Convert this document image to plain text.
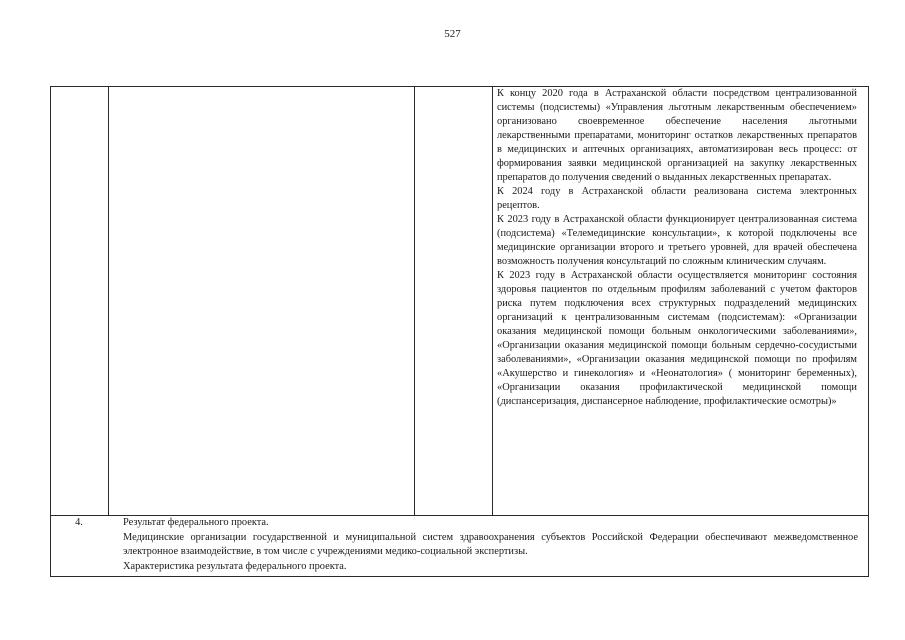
527

К концу 2020 года в Астраханской области посредством централизованной системы (подсистемы) «Управления льготным лекарственным обеспечением» организовано своевременное обеспечение населения льготными лекарственными препаратами, мониторинг остатков лекарственных препаратов в медицинских и аптечных организациях, автоматизирован весь процесс: от формирования заявки медицинской организацией на закупку лекарственных препаратов до получения сведений о выданных лекарственных препаратах.

К 2024 году в Астраханской области реализована система электронных рецептов.

К 2023 году в Астраханской области функционирует централизованная система (подсистема) «Телемедицинские консультации», к которой подключены все медицинские организации второго и третьего уровней, для врачей обеспечена возможность получения консультаций по сложным клиническим случаям.

К 2023 году в Астраханской области осуществляется мониторинг состояния здоровья пациентов по отдельным профилям заболеваний с учетом факторов риска путем подключения всех структурных подразделений медицинских организаций к централизованным системам (подсистемам): «Организации оказания медицинской помощи больным онкологическими заболеваниями», «Организации оказания медицинской помощи больным сердечно-сосудистыми заболеваниями», «Организации оказания медицинской помощи по профилям «Акушерство и гинекология» и «Неонатология» ( мониторинг беременных), «Организации оказания профилактической медицинской помощи (диспансеризация, диспансерное наблюдение, профилактические осмотры)»

4.	Результат федерального проекта.

Медицинские организации государственной и муниципальной систем здравоохранения субъектов Российской Федерации обеспечивают межведомственное электронное взаимодействие, в том числе с учреждениями медико-социальной экспертизы.

Характеристика результата федерального проекта.
